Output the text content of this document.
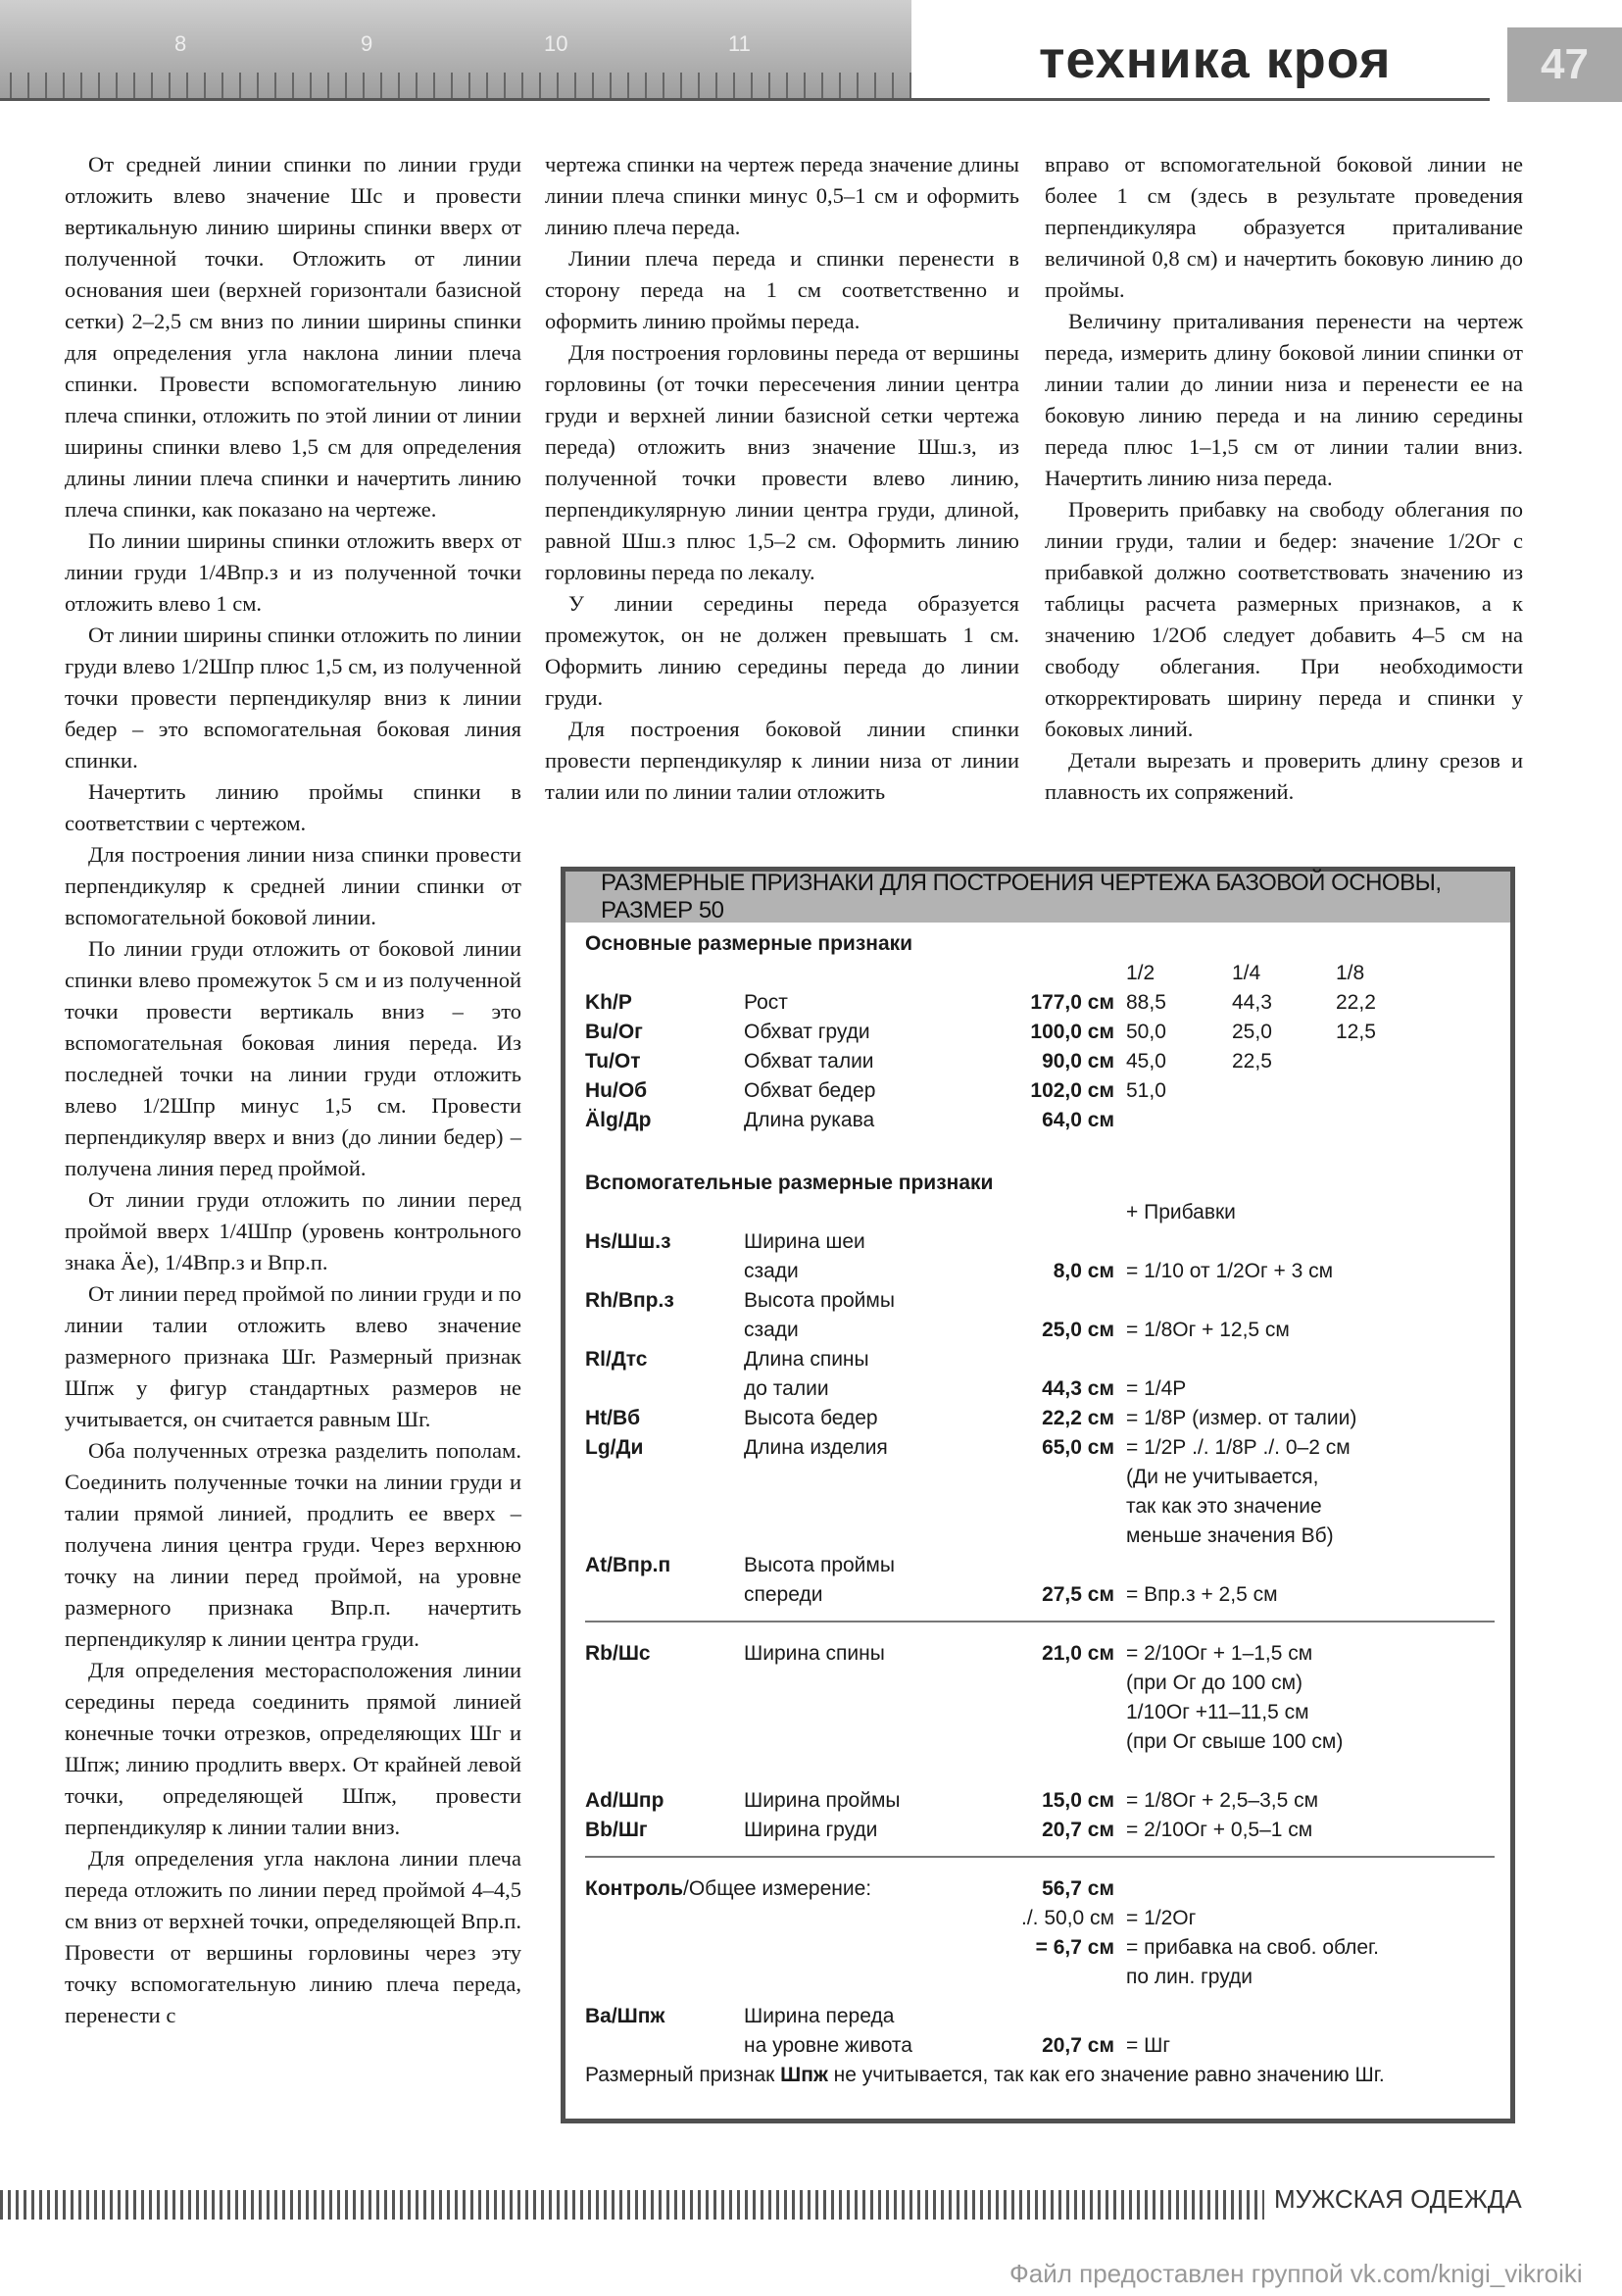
8	9	10	11	техника кроя	47

От средней линии спинки по линии груди отложить влево значение Шс и провести вертикальную линию ширины спинки вверх от полученной точки. Отложить от линии основания шеи (верхней горизонтали базисной сетки) 2–2,5 см вниз по линии ширины спинки для определения угла наклона линии плеча спинки. Провести вспомогательную линию плеча спинки, отложить по этой линии от линии ширины спинки влево 1,5 см для определения длины линии плеча спинки и начертить линию плеча спинки, как показано на чертеже.

По линии ширины спинки отложить вверх от линии груди 1/4Впр.з и из полученной точки отложить влево 1 см.

От линии ширины спинки отложить по линии груди влево 1/2Шпр плюс 1,5 см, из полученной точки провести перпендикуляр вниз к линии бедер – это вспомогательная боковая линия спинки.

Начертить линию проймы спинки в соответствии с чертежом.

Для построения линии низа спинки провести перпендикуляр к средней линии спинки от вспомогательной боковой линии.

По линии груди отложить от боковой линии спинки влево промежуток 5 см и из полученной точки провести вертикаль вниз – это вспомогательная боковая линия переда. Из последней точки на линии груди отложить влево 1/2Шпр минус 1,5 см. Провести перпендикуляр вверх и вниз (до линии бедер) – получена линия перед проймой.

От линии груди отложить по линии перед проймой вверх 1/4Шпр (уровень контрольного знака Äe), 1/4Впр.з и Впр.п.

От линии перед проймой по линии груди и по линии талии отложить влево значение размерного признака Шг. Размерный признак Шпж у фигур стандартных размеров не учитывается, он считается равным Шг.

Оба полученных отрезка разделить пополам. Соединить полученные точки на линии груди и талии прямой линией, продлить ее вверх – получена линия центра груди. Через верхнюю точку на линии перед проймой, на уровне размерного признака Впр.п. начертить перпендикуляр к линии центра груди.

Для определения месторасположения линии середины переда соединить прямой линией конечные точки отрезков, определяющих Шг и Шпж; линию продлить вверх. От крайней левой точки, определяющей Шпж, провести перпендикуляр к линии талии вниз.

Для определения угла наклона линии плеча переда отложить по линии перед проймой 4–4,5 см вниз от верхней точки, определяющей Впр.п. Провести от вершины горловины через эту точку вспомогательную линию плеча переда, перенести с

чертежа спинки на чертеж переда значение длины линии плеча спинки минус 0,5–1 см и оформить линию плеча переда.

Линии плеча переда и спинки перенести в сторону переда на 1 см соответственно и оформить линию проймы переда.

Для построения горловины переда от вершины горловины (от точки пересечения линии центра груди и верхней линии базисной сетки чертежа переда) отложить вниз значение Шш.з, из полученной точки провести влево линию, перпендикулярную линии центра груди, длиной, равной Шш.з плюс 1,5–2 см. Оформить линию горловины переда по лекалу.

У линии середины переда образуется промежуток, он не должен превышать 1 см. Оформить линию середины переда до линии груди.

Для построения боковой линии спинки провести перпендикуляр к линии низа от линии талии или по линии талии отложить

вправо от вспомогательной боковой линии не более 1 см (здесь в результате проведения перпендикуляра образуется приталивание величиной 0,8 см) и начертить боковую линию до проймы.

Величину приталивания перенести на чертеж переда, измерить длину боковой линии спинки от линии талии до линии низа и перенести ее на боковую линию переда и на линию середины переда плюс 1–1,5 см от линии талии вниз. Начертить линию низа переда.

Проверить прибавку на свободу облегания по линии груди, талии и бедер: значение 1/2Ог с прибавкой должно соответствовать значению из таблицы расчета размерных признаков, а к значению 1/2Об следует добавить 4–5 см на свободу облегания. При необходимости откорректировать ширину переда и спинки у боковых линий.

Детали вырезать и проверить длину срезов и плавность их сопряжений.

РАЗМЕРНЫЕ ПРИЗНАКИ ДЛЯ ПОСТРОЕНИЯ ЧЕРТЕЖА БАЗОВОЙ ОСНОВЫ, РАЗМЕР 50
Основные размерные признаки
1/2	1/4	1/8
Kh/P	Рост	177,0 см 88,5	44,3	22,2
Bu/Ог	Обхват груди	100,0 см 50,0	25,0	12,5
Tu/От	Обхват талии	90,0 см 45,0	22,5
Hu/Об	Обхват бедер	102,0 см 51,0
Älg/Др	Длина рукава	64,0 см
Вспомогательные размерные признаки
+ Прибавки
Hs/Шш.з	Ширина шеи
сзади	8,0 см = 1/10 от 1/2Ог + 3 см
Rh/Впр.з	Высота проймы
сзади	25,0 см = 1/8Ог + 12,5 см
Rl/Дтс	Длина спины
до талии	44,3 см = 1/4Р
Ht/Вб	Высота бедер	22,2 см = 1/8Р (измер. от талии)
Lg/Ди	Длина изделия	65,0 см = 1/2Р ./. 1/8Р ./. 0–2 см
(Ди не учитывается,
так как это значение
меньше значения Вб)
At/Впр.п	Высота проймы
спереди	27,5 см = Впр.з + 2,5 см
Rb/Шс	Ширина спины	21,0 см = 2/10Ог + 1–1,5 см
(при Ог до 100 см)
1/10Ог +11–11,5 см
(при Ог свыше 100 см)
Ad/Шпр	Ширина проймы	15,0 см = 1/8Ог + 2,5–3,5 см
Bb/Шг	Ширина груди	20,7 см = 2/10Ог + 0,5–1 см
Контроль/Общее измерение:	56,7 см
./. 50,0 см = 1/2Ог
= 6,7 см = прибавка на своб. облег.
по лин. груди
Ba/Шпж	Ширина переда
на уровне живота	20,7 см = Шг
Размерный признак Шпж не учитывается, так как его значение равно значению Шг.
МУЖСКАЯ ОДЕЖДА
Файл предоставлен группой vk.com/knigi_vikroiki
